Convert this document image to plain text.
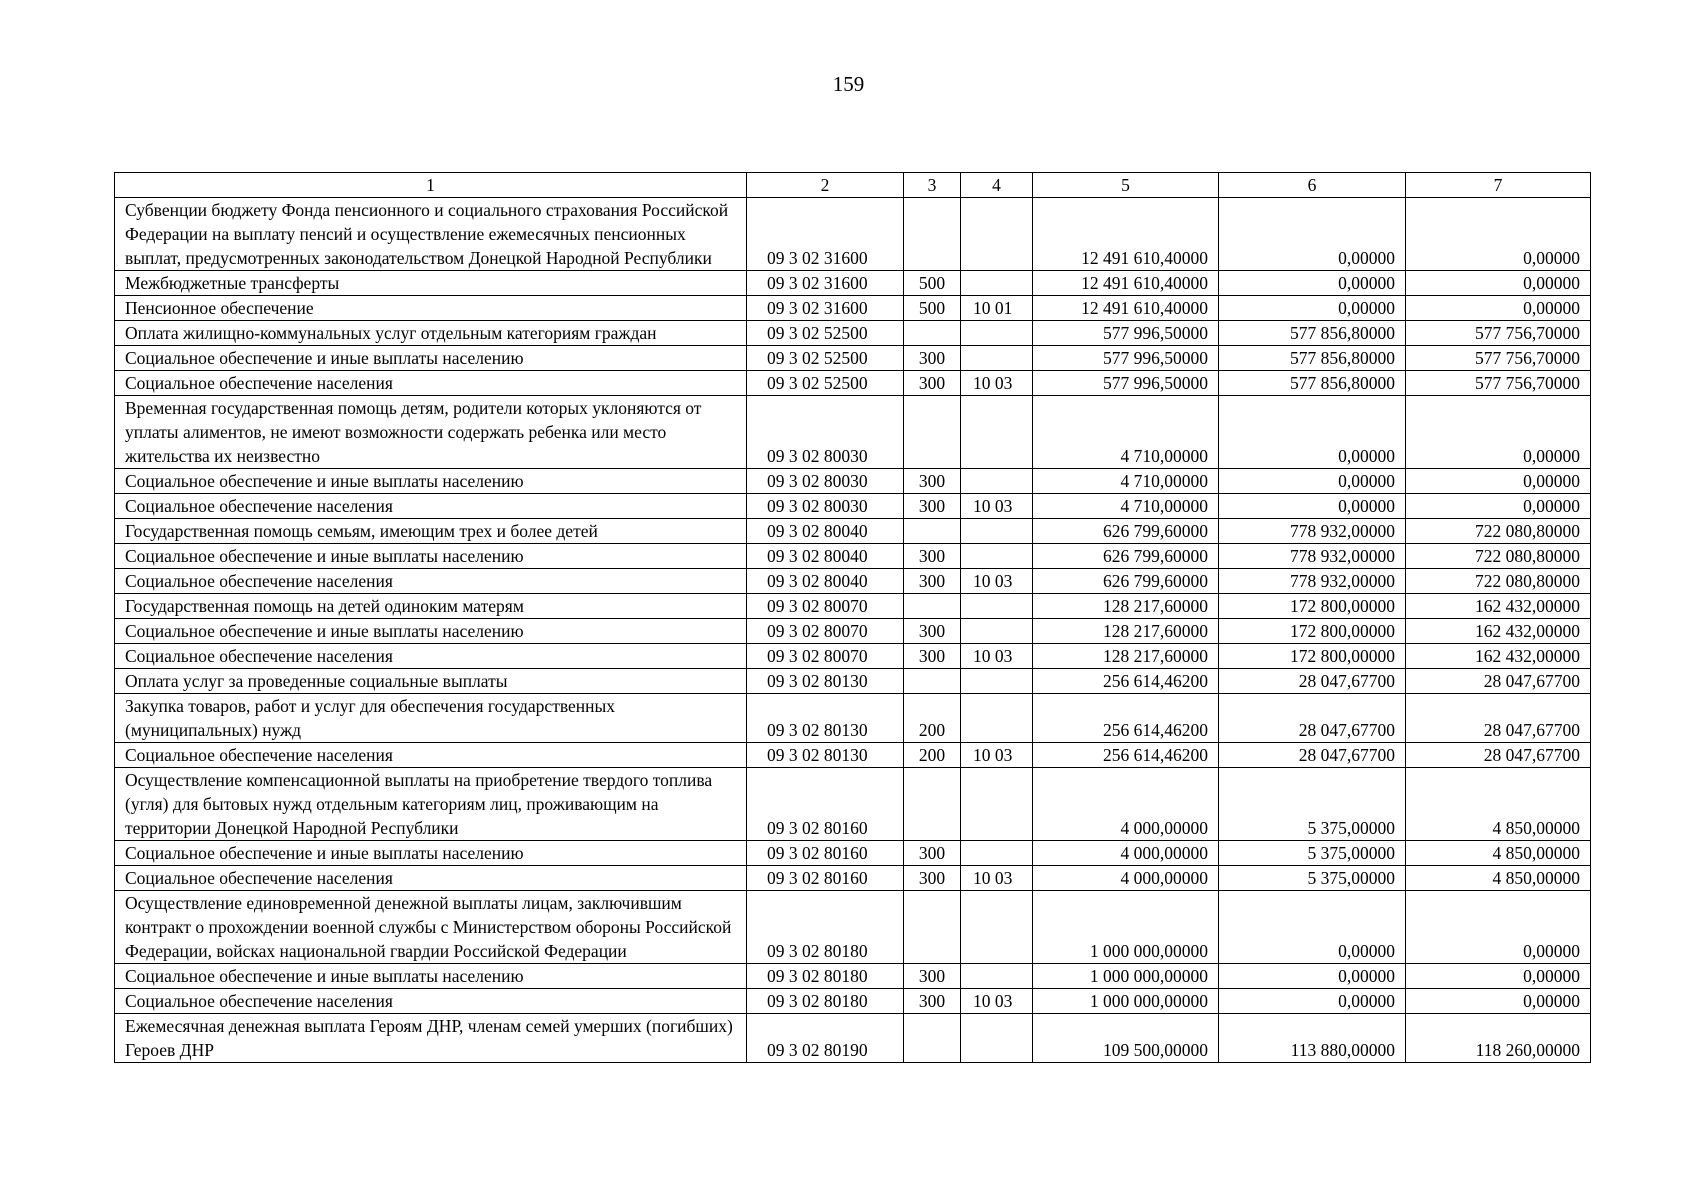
159
1	2	3	4	5	6	7
Субвенции бюджету Фонда пенсионного и социального страхования Российской Федерации на выплату пенсий и осуществление ежемесячных пенсионных выплат, предусмотренных законодательством Донецкой Народной Республики	09 3 02 31600			12 491 610,40000	0,00000	0,00000
Межбюджетные трансферты	09 3 02 31600	500		12 491 610,40000	0,00000	0,00000
Пенсионное обеспечение	09 3 02 31600	500	10 01	12 491 610,40000	0,00000	0,00000
Оплата жилищно-коммунальных услуг отдельным категориям граждан	09 3 02 52500			577 996,50000	577 856,80000	577 756,70000
Социальное обеспечение и иные выплаты населению	09 3 02 52500	300		577 996,50000	577 856,80000	577 756,70000
Социальное обеспечение населения	09 3 02 52500	300	10 03	577 996,50000	577 856,80000	577 756,70000
Временная государственная помощь детям, родители которых уклоняются от уплаты алиментов, не имеют возможности содержать ребенка или место жительства их неизвестно	09 3 02 80030			4 710,00000	0,00000	0,00000
Социальное обеспечение и иные выплаты населению	09 3 02 80030	300		4 710,00000	0,00000	0,00000
Социальное обеспечение населения	09 3 02 80030	300	10 03	4 710,00000	0,00000	0,00000
Государственная помощь семьям, имеющим трех и более детей	09 3 02 80040			626 799,60000	778 932,00000	722 080,80000
Социальное обеспечение и иные выплаты населению	09 3 02 80040	300		626 799,60000	778 932,00000	722 080,80000
Социальное обеспечение населения	09 3 02 80040	300	10 03	626 799,60000	778 932,00000	722 080,80000
Государственная помощь на детей одиноким матерям	09 3 02 80070			128 217,60000	172 800,00000	162 432,00000
Социальное обеспечение и иные выплаты населению	09 3 02 80070	300		128 217,60000	172 800,00000	162 432,00000
Социальное обеспечение населения	09 3 02 80070	300	10 03	128 217,60000	172 800,00000	162 432,00000
Оплата услуг за проведенные социальные выплаты	09 3 02 80130			256 614,46200	28 047,67700	28 047,67700
Закупка товаров, работ и услуг для обеспечения государственных (муниципальных) нужд	09 3 02 80130	200		256 614,46200	28 047,67700	28 047,67700
Социальное обеспечение населения	09 3 02 80130	200	10 03	256 614,46200	28 047,67700	28 047,67700
Осуществление компенсационной выплаты на приобретение твердого топлива (угля) для бытовых нужд отдельным категориям лиц, проживающим на территории Донецкой Народной Республики	09 3 02 80160			4 000,00000	5 375,00000	4 850,00000
Социальное обеспечение и иные выплаты населению	09 3 02 80160	300		4 000,00000	5 375,00000	4 850,00000
Социальное обеспечение населения	09 3 02 80160	300	10 03	4 000,00000	5 375,00000	4 850,00000
Осуществление единовременной денежной выплаты лицам, заключившим контракт о прохождении военной службы с Министерством обороны Российской Федерации, войсках национальной гвардии Российской Федерации	09 3 02 80180			1 000 000,00000	0,00000	0,00000
Социальное обеспечение и иные выплаты населению	09 3 02 80180	300		1 000 000,00000	0,00000	0,00000
Социальное обеспечение населения	09 3 02 80180	300	10 03	1 000 000,00000	0,00000	0,00000
Ежемесячная денежная выплата Героям ДНР, членам семей умерших (погибших) Героев ДНР	09 3 02 80190			109 500,00000	113 880,00000	118 260,00000
